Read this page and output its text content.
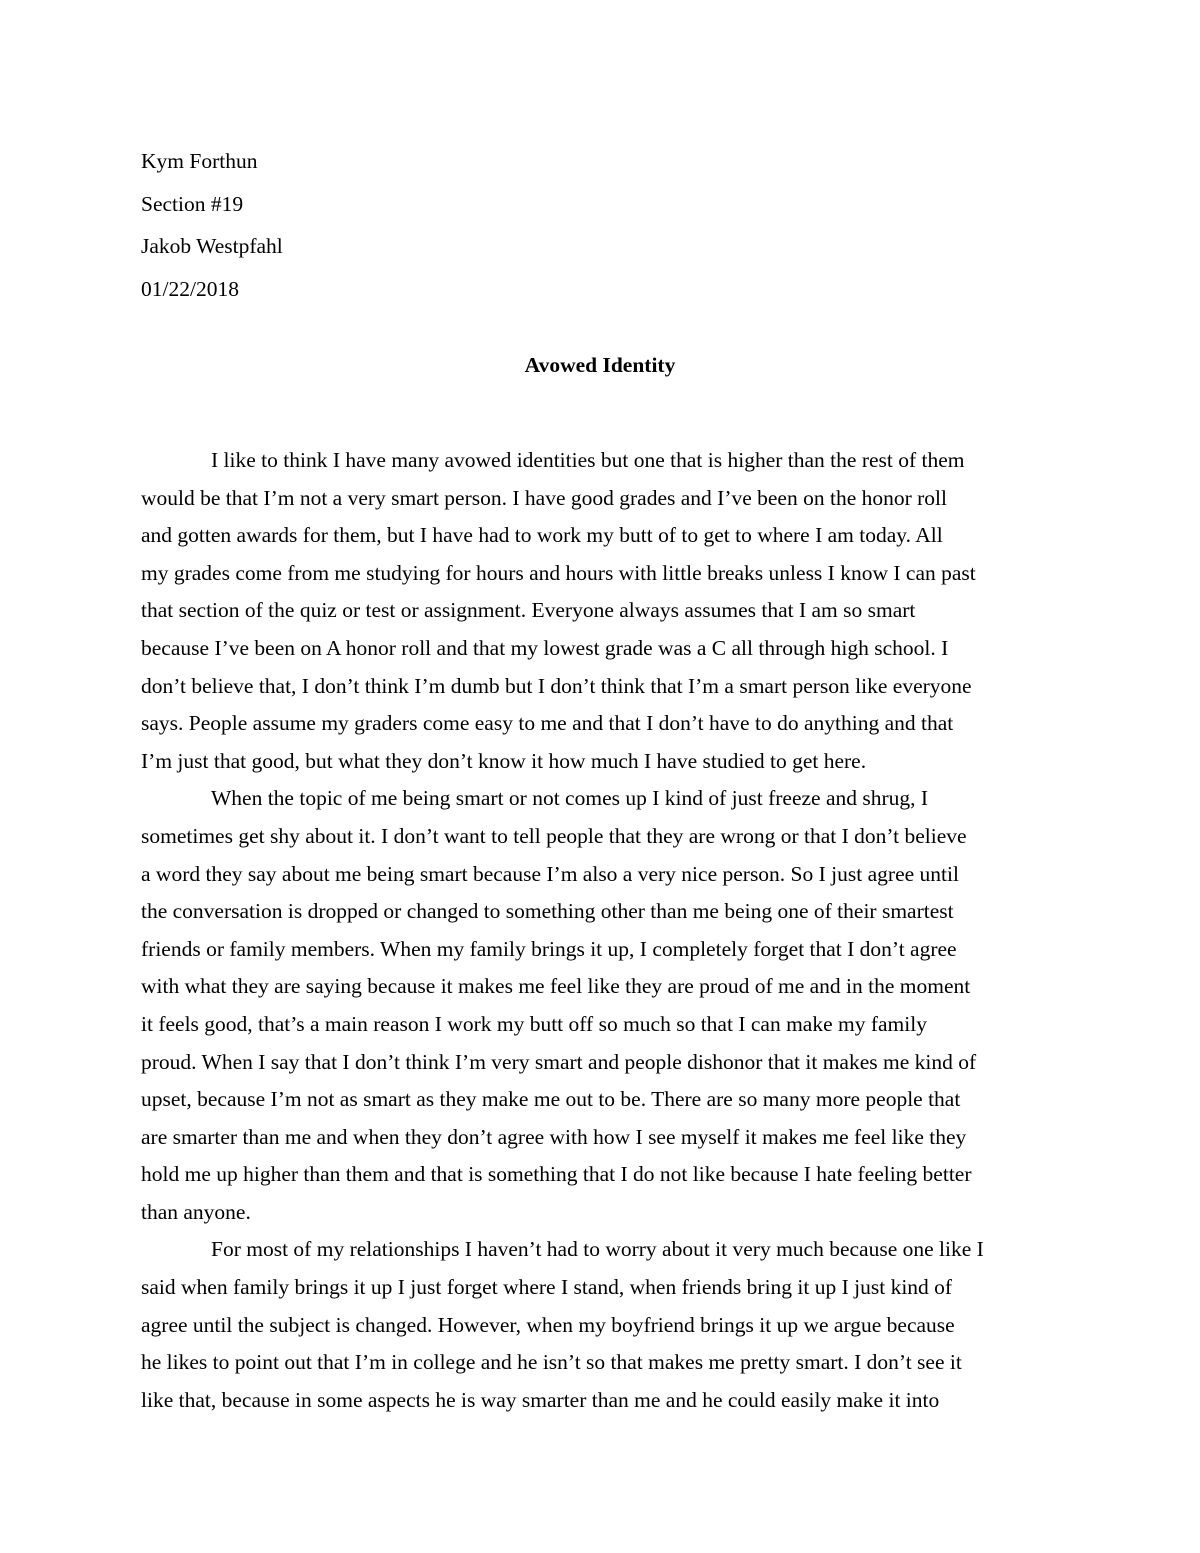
Kym Forthun
Section #19
Jakob Westpfahl
01/22/2018
Avowed Identity
I like to think I have many avowed identities but one that is higher than the rest of them
would be that I’m not a very smart person. I have good grades and I’ve been on the honor roll
and gotten awards for them, but I have had to work my butt of to get to where I am today. All
my grades come from me studying for hours and hours with little breaks unless I know I can past
that section of the quiz or test or assignment. Everyone always assumes that I am so smart
because I’ve been on A honor roll and that my lowest grade was a C all through high school. I
don’t believe that, I don’t think I’m dumb but I don’t think that I’m a smart person like everyone
says. People assume my graders come easy to me and that I don’t have to do anything and that
I’m just that good, but what they don’t know it how much I have studied to get here.
When the topic of me being smart or not comes up I kind of just freeze and shrug, I
sometimes get shy about it. I don’t want to tell people that they are wrong or that I don’t believe
a word they say about me being smart because I’m also a very nice person. So I just agree until
the conversation is dropped or changed to something other than me being one of their smartest
friends or family members. When my family brings it up, I completely forget that I don’t agree
with what they are saying because it makes me feel like they are proud of me and in the moment
it feels good, that’s a main reason I work my butt off so much so that I can make my family
proud. When I say that I don’t think I’m very smart and people dishonor that it makes me kind of
upset, because I’m not as smart as they make me out to be. There are so many more people that
are smarter than me and when they don’t agree with how I see myself it makes me feel like they
hold me up higher than them and that is something that I do not like because I hate feeling better
than anyone.
For most of my relationships I haven’t had to worry about it very much because one like I
said when family brings it up I just forget where I stand, when friends bring it up I just kind of
agree until the subject is changed. However, when my boyfriend brings it up we argue because
he likes to point out that I’m in college and he isn’t so that makes me pretty smart. I don’t see it
like that, because in some aspects he is way smarter than me and he could easily make it into
